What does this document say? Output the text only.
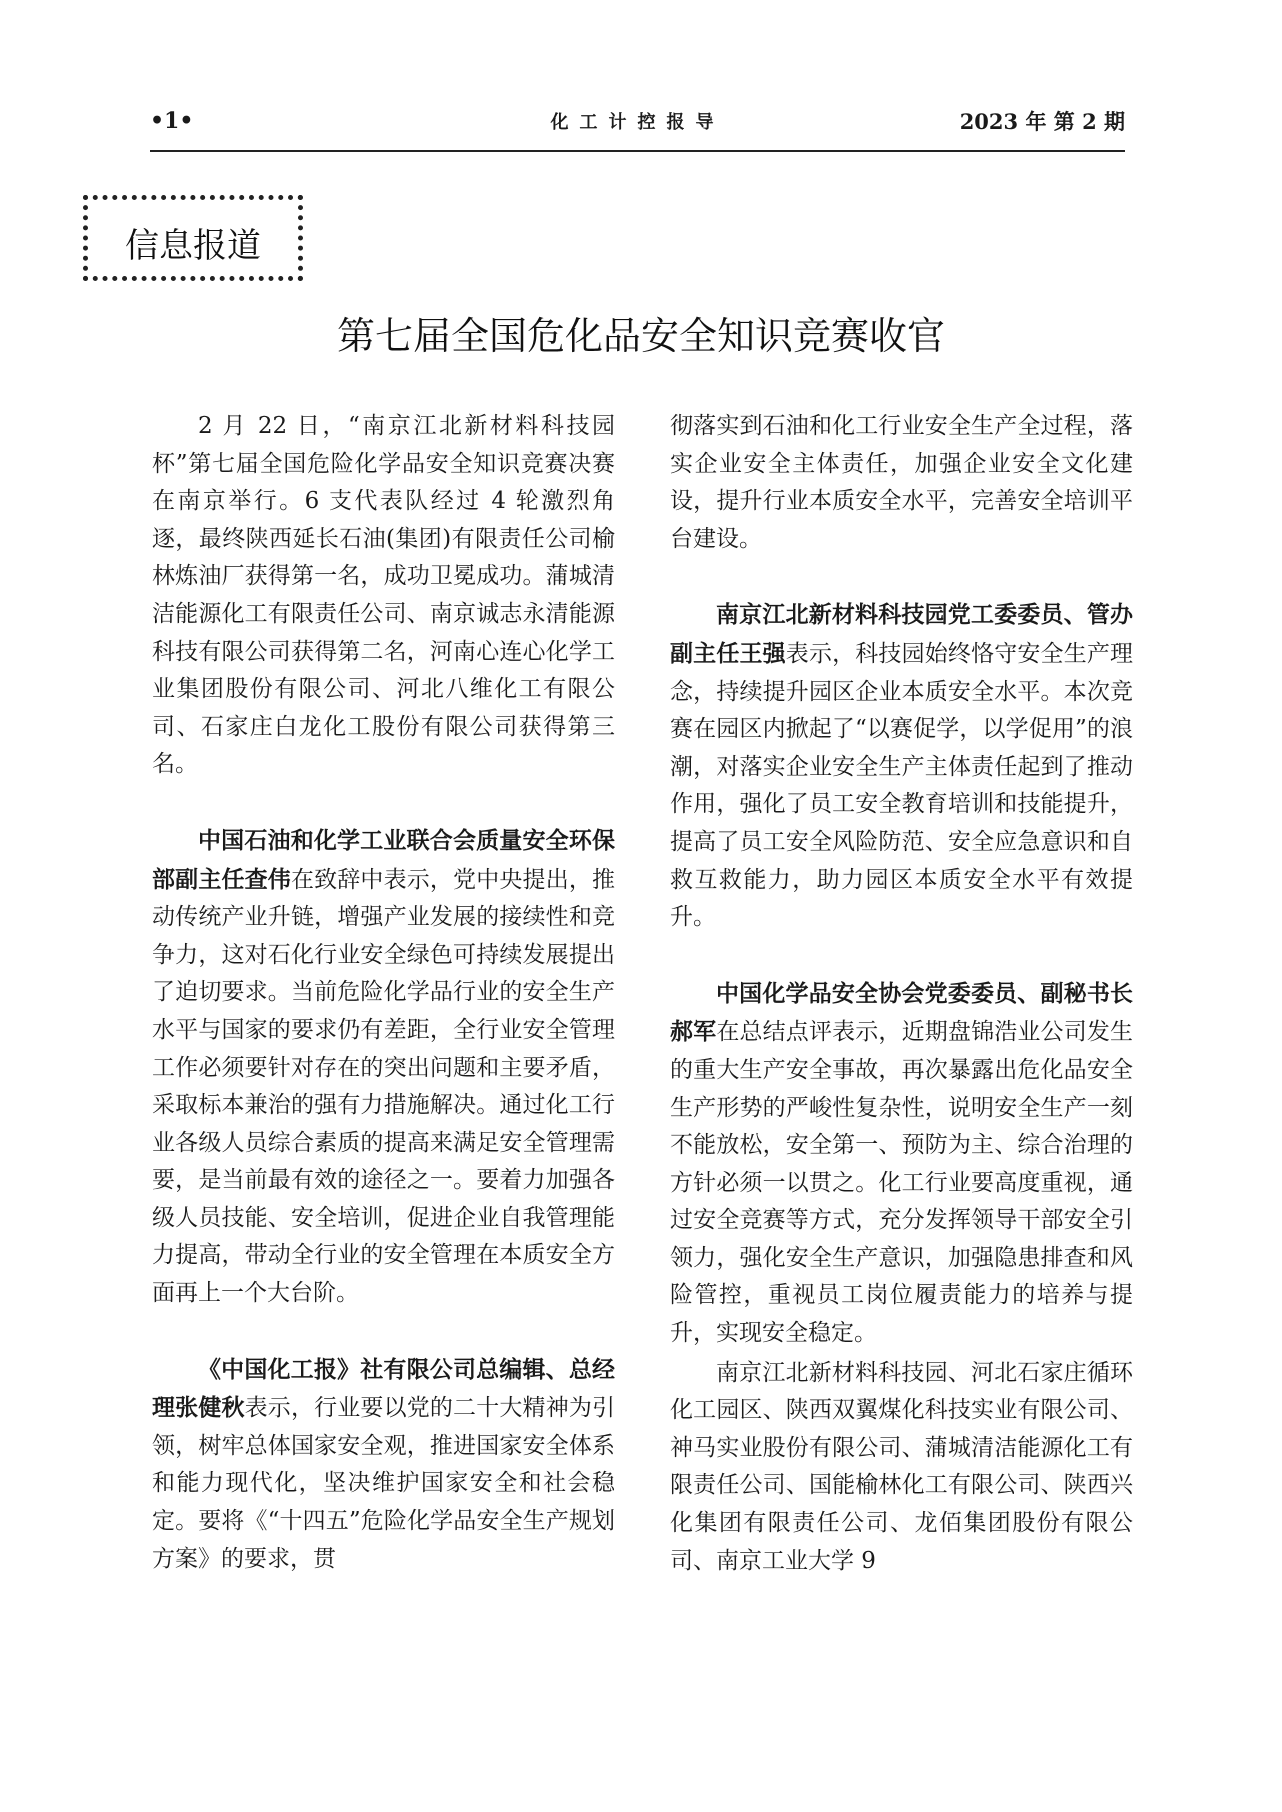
•1•	化工计控报导	2023 年 第 2 期
信息报道
第七届全国危化品安全知识竞赛收官

2 月 22 日，“南京江北新材料科技园杯”第七届全国危险化学品安全知识竞赛决赛在南京举行。6 支代表队经过 4 轮激烈角逐，最终陕西延长石油(集团)有限责任公司榆林炼油厂获得第一名，成功卫冕成功。蒲城清洁能源化工有限责任公司、南京诚志永清能源科技有限公司获得第二名，河南心连心化学工业集团股份有限公司、河北八维化工有限公司、石家庄白龙化工股份有限公司获得第三名。

中国石油和化学工业联合会质量安全环保部副主任查伟在致辞中表示，党中央提出，推动传统产业升链，增强产业发展的接续性和竞争力，这对石化行业安全绿色可持续发展提出了迫切要求。当前危险化学品行业的安全生产水平与国家的要求仍有差距，全行业安全管理工作必须要针对存在的突出问题和主要矛盾，采取标本兼治的强有力措施解决。通过化工行业各级人员综合素质的提高来满足安全管理需要，是当前最有效的途径之一。要着力加强各级人员技能、安全培训，促进企业自我管理能力提高，带动全行业的安全管理在本质安全方面再上一个大台阶。

《中国化工报》社有限公司总编辑、总经理张健秋表示，行业要以党的二十大精神为引领，树牢总体国家安全观，推进国家安全体系和能力现代化，坚决维护国家安全和社会稳定。要将《“十四五”危险化学品安全生产规划方案》的要求，贯

彻落实到石油和化工行业安全生产全过程，落实企业安全主体责任，加强企业安全文化建设，提升行业本质安全水平，完善安全培训平台建设。

南京江北新材料科技园党工委委员、管办副主任王强表示，科技园始终恪守安全生产理念，持续提升园区企业本质安全水平。本次竞赛在园区内掀起了“以赛促学，以学促用”的浪潮，对落实企业安全生产主体责任起到了推动作用，强化了员工安全教育培训和技能提升，提高了员工安全风险防范、安全应急意识和自救互救能力，助力园区本质安全水平有效提升。

中国化学品安全协会党委委员、副秘书长郝军在总结点评表示，近期盘锦浩业公司发生的重大生产安全事故，再次暴露出危化品安全生产形势的严峻性复杂性，说明安全生产一刻不能放松，安全第一、预防为主、综合治理的方针必须一以贯之。化工行业要高度重视，通过安全竞赛等方式，充分发挥领导干部安全引领力，强化安全生产意识，加强隐患排查和风险管控，重视员工岗位履责能力的培养与提升，实现安全稳定。

南京江北新材料科技园、河北石家庄循环化工园区、陕西双翼煤化科技实业有限公司、神马实业股份有限公司、蒲城清洁能源化工有限责任公司、国能榆林化工有限公司、陕西兴化集团有限责任公司、龙佰集团股份有限公司、南京工业大学 9
